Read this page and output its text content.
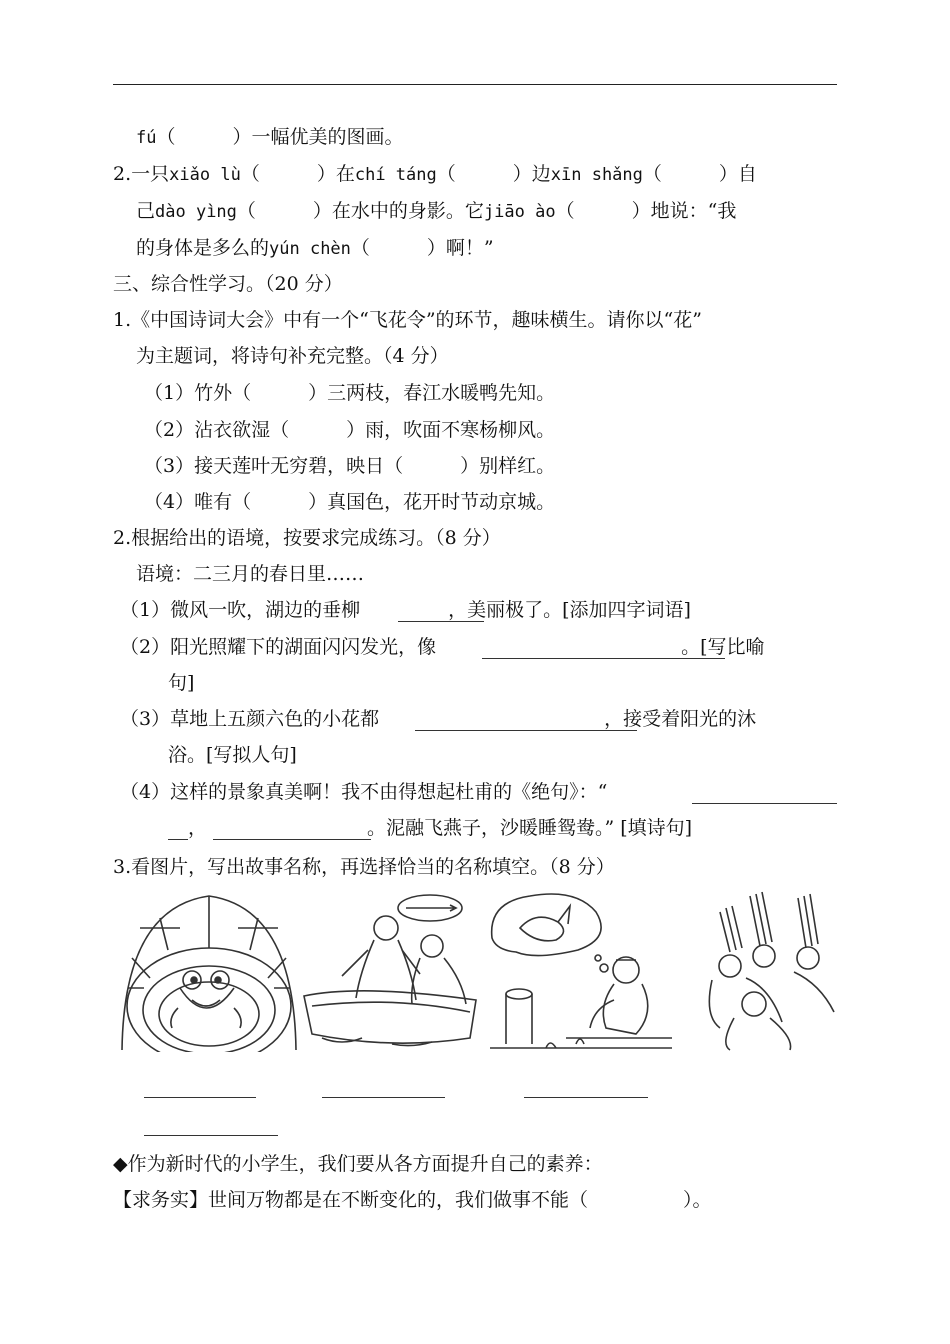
fú（　　　）一幅优美的图画。
2.一只xiǎo lù（　　　）在chí táng（　　　）边xīn shǎng（　　　）自
己dào yìng（　　　）在水中的身影。它jiāo ào（　　　）地说：“我
的身体是多么的yún chèn（　　　）啊！”
三、综合性学习。（20 分）
1.《中国诗词大会》中有一个“飞花令”的环节，趣味横生。请你以“花”
为主题词，将诗句补充完整。（4 分）
（1）竹外（　　　）三两枝，春江水暖鸭先知。
（2）沾衣欲湿（　　　）雨，吹面不寒杨柳风。
（3）接天莲叶无穷碧，映日（　　　）别样红。
（4）唯有（　　　）真国色，花开时节动京城。
2.根据给出的语境，按要求完成练习。（8 分）
语境：二三月的春日里……
（1）微风一吹，湖边的垂柳	，美丽极了。[添加四字词语]
（2）阳光照耀下的湖面闪闪发光，像	。[写比喻
句]
（3）草地上五颜六色的小花都	，接受着阳光的沐
浴。[写拟人句]
（4）这样的景象真美啊！我不由得想起杜甫的《绝句》：“
，	。泥融飞燕子，沙暖睡鸳鸯。” [填诗句]
3.看图片，写出故事名称，再选择恰当的名称填空。（8 分）
◆作为新时代的小学生，我们要从各方面提升自己的素养：
【求务实】世间万物都是在不断变化的，我们做事不能（　　　　　）。
